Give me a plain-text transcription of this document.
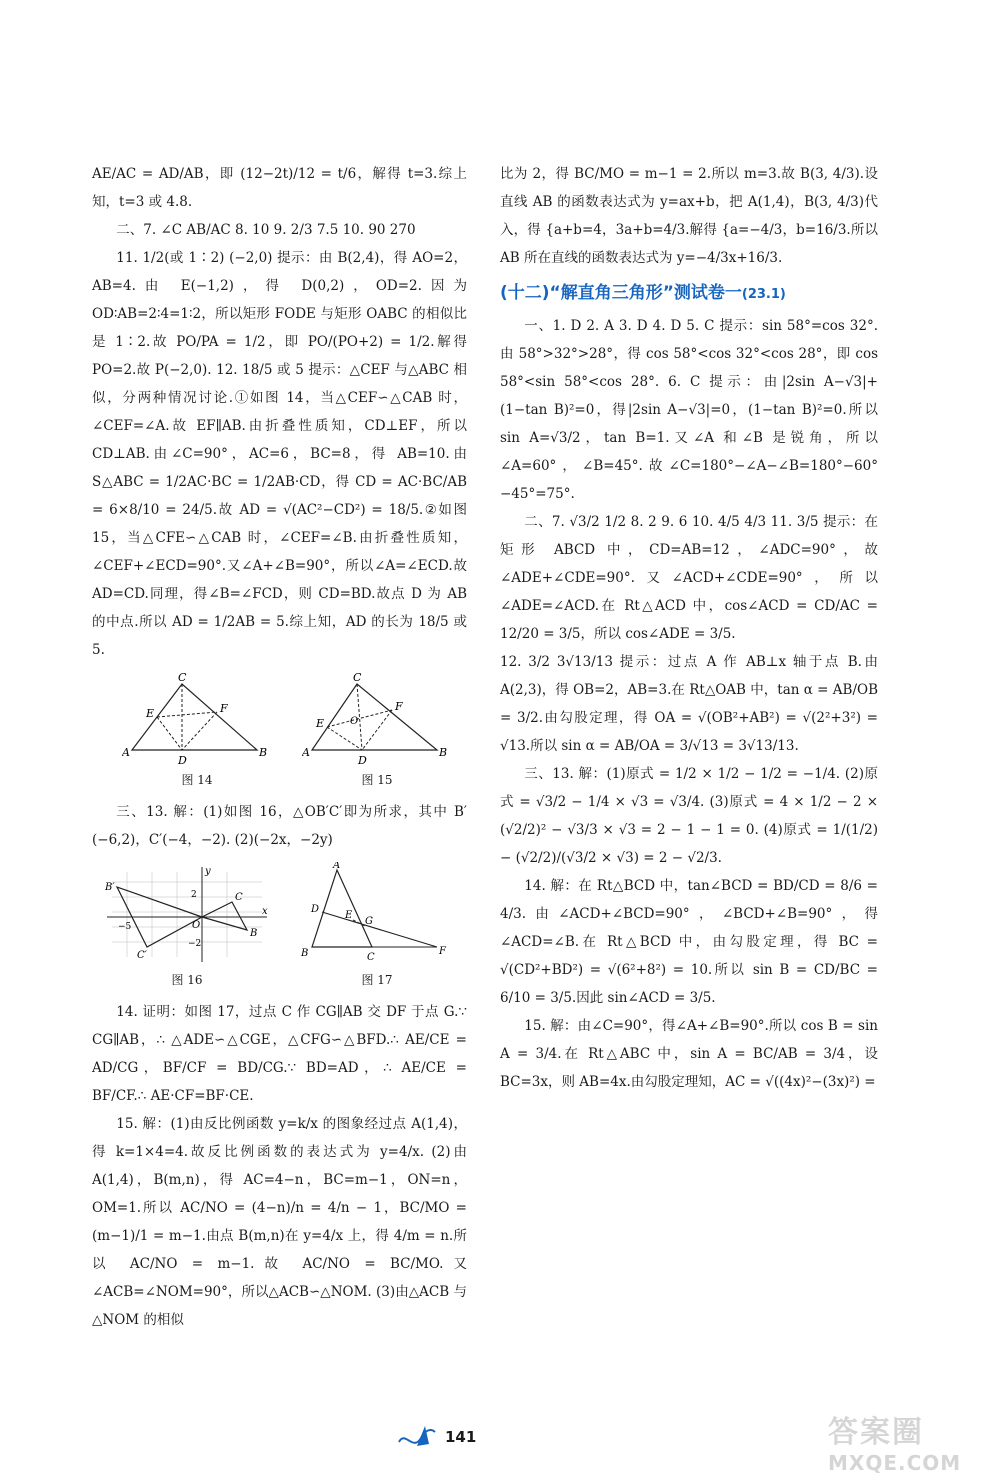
AE/AC = AD/AB，即 (12−2t)/12 = t/6，解得 t=3.综上知，t=3 或 4.8.

二、7. ∠C AB/AC 8. 10 9. 2/3 7.5 10. 90 270

11. 1/2(或 1∶2) (−2,0) 提示：由 B(2,4)，得 AO=2，AB=4.由 E(−1,2)，得 D(0,2)，OD=2.因为 OD∶AB=2∶4=1∶2，所以矩形 FODE 与矩形 OABC 的相似比是 1∶2.故 PO/PA = 1/2，即 PO/(PO+2) = 1/2.解得 PO=2.故 P(−2,0). 12. 18/5 或 5 提示：△CEF 与△ABC 相似，分两种情况讨论.①如图 14，当△CEF∽△CAB 时，∠CEF=∠A.故 EF∥AB.由折叠性质知，CD⊥EF，所以 CD⊥AB.由∠C=90°，AC=6，BC=8，得 AB=10.由 S△ABC = 1/2AC·BC = 1/2AB·CD，得 CD = AC·BC/AB = 6×8/10 = 24/5.故 AD = √(AC²−CD²) = 18/5.②如图 15，当△CFE∽△CAB 时，∠CEF=∠B.由折叠性质知，∠CEF+∠ECD=90°.又∠A+∠B=90°，所以∠A=∠ECD.故 AD=CD.同理，得∠B=∠FCD，则 CD=BD.故点 D 为 AB 的中点.所以 AD = 1/2AB = 5.综上知，AD 的长为 18/5 或 5.

C
A	B
D
E	F
图 14
C
A	B
D
E
F
O
图 15

三、13. 解：(1)如图 16，△OB′C′即为所求，其中 B′(−6,2)，C′(−4，−2). (2)(−2x，−2y)

x
y
B′
C′
B
C
O
−5
2
−2
图 16
A
B	C
D
E
F
G
图 17

14. 证明：如图 17，过点 C 作 CG∥AB 交 DF 于点 G.∵ CG∥AB，∴ △ADE∽△CGE，△CFG∽△BFD.∴ AE/CE = AD/CG，BF/CF = BD/CG.∵ BD=AD，∴ AE/CE = BF/CF.∴ AE·CF=BF·CE.

15. 解：(1)由反比例函数 y=k/x 的图象经过点 A(1,4)，得 k=1×4=4.故反比例函数的表达式为 y=4/x. (2)由 A(1,4)，B(m,n)，得 AC=4−n，BC=m−1，ON=n，OM=1.所以 AC/NO = (4−n)/n = 4/n − 1，BC/MO = (m−1)/1 = m−1.由点 B(m,n)在 y=4/x 上，得 4/m = n.所以 AC/NO = m−1.故 AC/NO = BC/MO.又∠ACB=∠NOM=90°，所以△ACB∽△NOM. (3)由△ACB 与△NOM 的相似

比为 2，得 BC/MO = m−1 = 2.所以 m=3.故 B(3, 4/3).设直线 AB 的函数表达式为 y=ax+b，把 A(1,4)，B(3, 4/3)代入，得 {a+b=4，3a+b=4/3.解得 {a=−4/3，b=16/3.所以 AB 所在直线的函数表达式为 y=−4/3x+16/3.

(十二)“解直角三角形”测试卷一(23.1)

一、1. D 2. A 3. D 4. D 5. C 提示：sin 58°=cos 32°.由 58°>32°>28°，得 cos 58°<cos 32°<cos 28°，即 cos 58°<sin 58°<cos 28°. 6. C 提示：由|2sin A−√3|+(1−tan B)²=0，得|2sin A−√3|=0，(1−tan B)²=0.所以 sin A=√3/2，tan B=1.又∠A 和∠B 是锐角，所以∠A=60°，∠B=45°.故∠C=180°−∠A−∠B=180°−60°−45°=75°.

二、7. √3/2 1/2 8. 2 9. 6 10. 4/5 4/3 11. 3/5 提示：在矩形 ABCD 中，CD=AB=12，∠ADC=90°，故∠ADE+∠CDE=90°.又∠ACD+∠CDE=90°，所以∠ADE=∠ACD.在 Rt△ACD 中，cos∠ACD = CD/AC = 12/20 = 3/5，所以 cos∠ADE = 3/5.

12. 3/2 3√13/13 提示：过点 A 作 AB⊥x 轴于点 B.由 A(2,3)，得 OB=2，AB=3.在 Rt△OAB 中，tan α = AB/OB = 3/2.由勾股定理，得 OA = √(OB²+AB²) = √(2²+3²) = √13.所以 sin α = AB/OA = 3/√13 = 3√13/13.

三、13. 解：(1)原式 = 1/2 × 1/2 − 1/2 = −1/4. (2)原式 = √3/2 − 1/4 × √3 = √3/4. (3)原式 = 4 × 1/2 − 2 × (√2/2)² − √3/3 × √3 = 2 − 1 − 1 = 0. (4)原式 = 1/(1/2) − (√2/2)/(√3/2 × √3) = 2 − √2/3.

14. 解：在 Rt△BCD 中，tan∠BCD = BD/CD = 8/6 = 4/3.由∠ACD+∠BCD=90°，∠BCD+∠B=90°，得∠ACD=∠B.在 Rt△BCD 中，由勾股定理，得 BC = √(CD²+BD²) = √(6²+8²) = 10.所以 sin B = CD/BC = 6/10 = 3/5.因此 sin∠ACD = 3/5.

15. 解：由∠C=90°，得∠A+∠B=90°.所以 cos B = sin A = 3/4.在 Rt△ABC 中，sin A = BC/AB = 3/4，设 BC=3x，则 AB=4x.由勾股定理知，AC = √((4x)²−(3x)²) =

141	答案圈
MXQE.COM
